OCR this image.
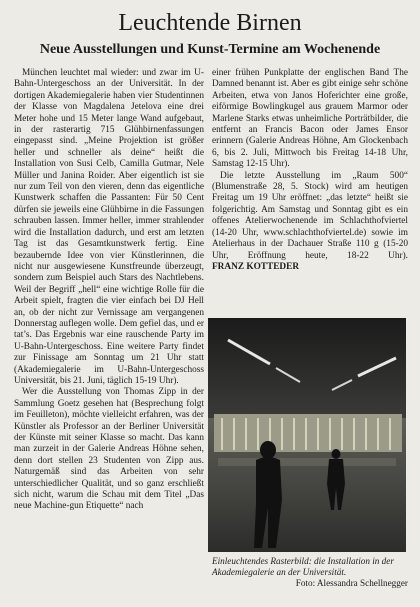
Leuchtende Birnen
Neue Ausstellungen und Kunst-Termine am Wochenende

München leuchtet mal wieder: und zwar im U-Bahn-Untergeschoss an der Universität. In der dortigen Akademiegalerie haben vier Studentinnen der Klasse von Magdalena Jetelova eine drei Meter hohe und 15 Meter lange Wand aufgebaut, in der rasterartig 715 Glühbirnenfassungen eingepasst sind. „Meine Projektion ist größer heller und schneller als deine“ heißt die Installation von Susi Celb, Camilla Gutmar, Nele Müller und Janina Roider. Aber eigentlich ist sie nur zum Teil von den vieren, denn das eigentliche Kunstwerk schaffen die Passanten: Für 50 Cent dürfen sie jeweils eine Glühbirne in die Fassungen schrauben lassen. Immer heller, immer strahlender wird die Installation dadurch, und erst am letzten Tag ist das Gesamtkunstwerk fertig. Eine bezaubernde Idee von vier Künstlerinnen, die nicht nur ausgewiesene Kunstfreunde überzeugt, sondern zum Beispiel auch Stars des Nachtlebens. Weil der Begriff „hell“ eine wichtige Rolle für die Arbeit spielt, fragten die vier einfach bei DJ Hell an, ob der nicht zur Vernissage am vergangenen Donnerstag auflegen wolle. Dem gefiel das, und er tat’s. Das Ergebnis war eine rauschende Party im U-Bahn-Untergeschoss. Eine weitere Party findet zur Finissage am Sonntag um 21 Uhr statt (Akademiegalerie im U-Bahn-Untergeschoss Universität, bis 21. Juni, täglich 15-19 Uhr).

Wer die Ausstellung von Thomas Zipp in der Sammlung Goetz gesehen hat (Besprechung folgt im Feuilleton), möchte vielleicht erfahren, was der Künstler als Professor an der Berliner Universität der Künste mit seiner Klasse so macht. Das kann man zurzeit in der Galerie Andreas Höhne sehen, denn dort stellen 23 Studenten von Zipp aus. Naturgemäß sind das Arbeiten von sehr unterschiedlicher Qualität, und so ganz erschließt sich nicht, warum die Schau mit dem Titel „Das neue Machine-gun Etiquette“ nach

einer frühen Punkplatte der englischen Band The Damned benannt ist. Aber es gibt einige sehr schöne Arbeiten, etwa von Janos Hoferichter eine große, eiförmige Bowlingkugel aus grauem Marmor oder Marlene Starks etwas unheimliche Porträtbilder, die entfernt an Francis Bacon oder James Ensor erinnern (Galerie Andreas Höhne, Am Glockenbach 6, bis 2. Juli, Mittwoch bis Freitag 14-18 Uhr, Samstag 12-15 Uhr).

Die letzte Ausstellung im „Raum 500“ (Blumenstraße 28, 5. Stock) wird am heutigen Freitag um 19 Uhr eröffnet: „das letzte“ heißt sie folgerichtig. Am Samstag und Sonntag gibt es ein offenes Atelierwochenende im Schlachthofviertel (14-20 Uhr, www.schlachthofviertel.de) sowie im Atelierhaus in der Dachauer Straße 110 g (15-20 Uhr, Eröffnung heute, 18-22 Uhr). FRANZ KOTTEDER

Einleuchtendes Rasterbild: die Installation in der Akademiegalerie an der Universität.
Foto: Alessandra Schellnegger
